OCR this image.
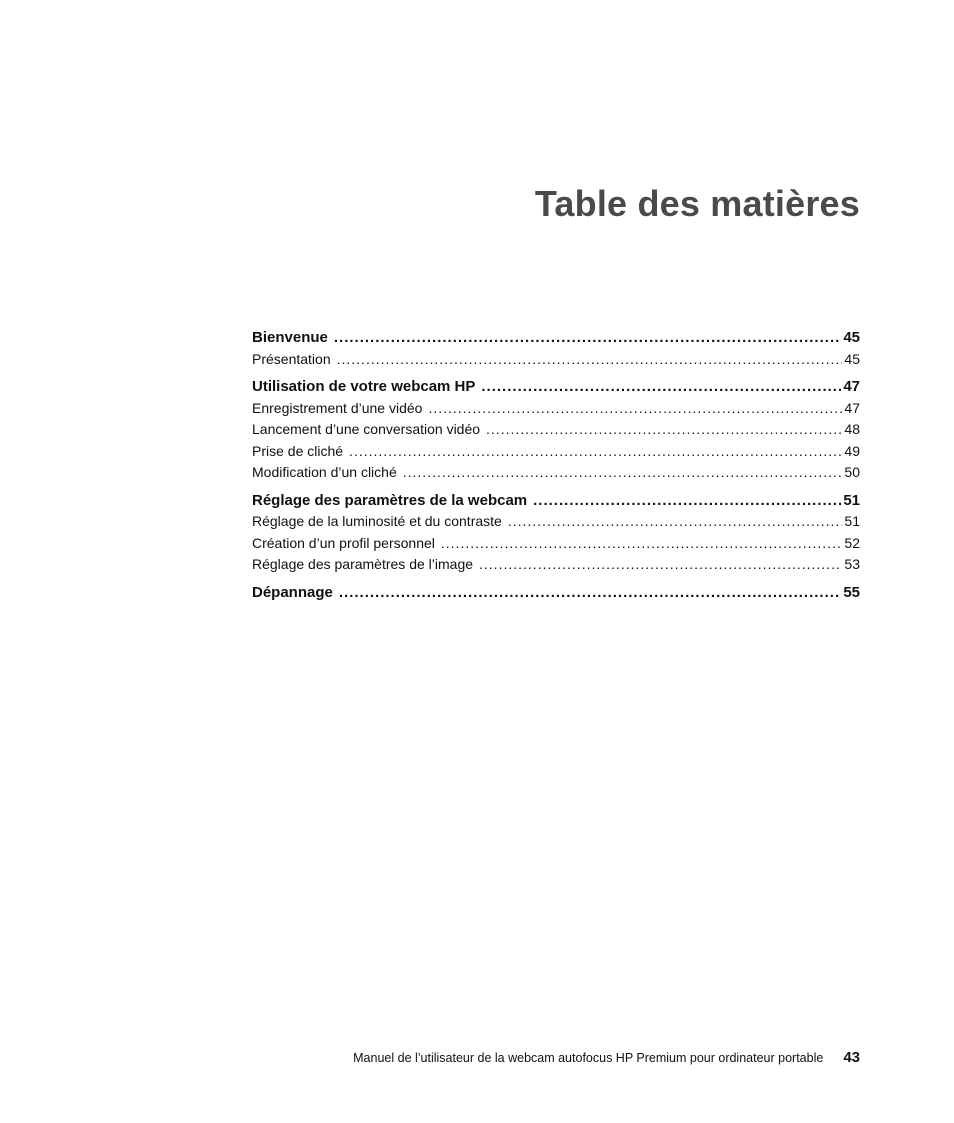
Table des matières
Bienvenue .....	45
Présentation .....	45
Utilisation de votre webcam HP .....	47
Enregistrement d’une vidéo .....	47
Lancement d’une conversation vidéo .....	48
Prise de cliché .....	49
Modification d’un cliché .....	50
Réglage des paramètres de la webcam .....	51
Réglage de la luminosité et du contraste .....	51
Création d’un profil personnel .....	52
Réglage des paramètres de l’image .....	53
Dépannage .....	55
Manuel de l’utilisateur de la webcam autofocus HP Premium pour ordinateur portable 43
